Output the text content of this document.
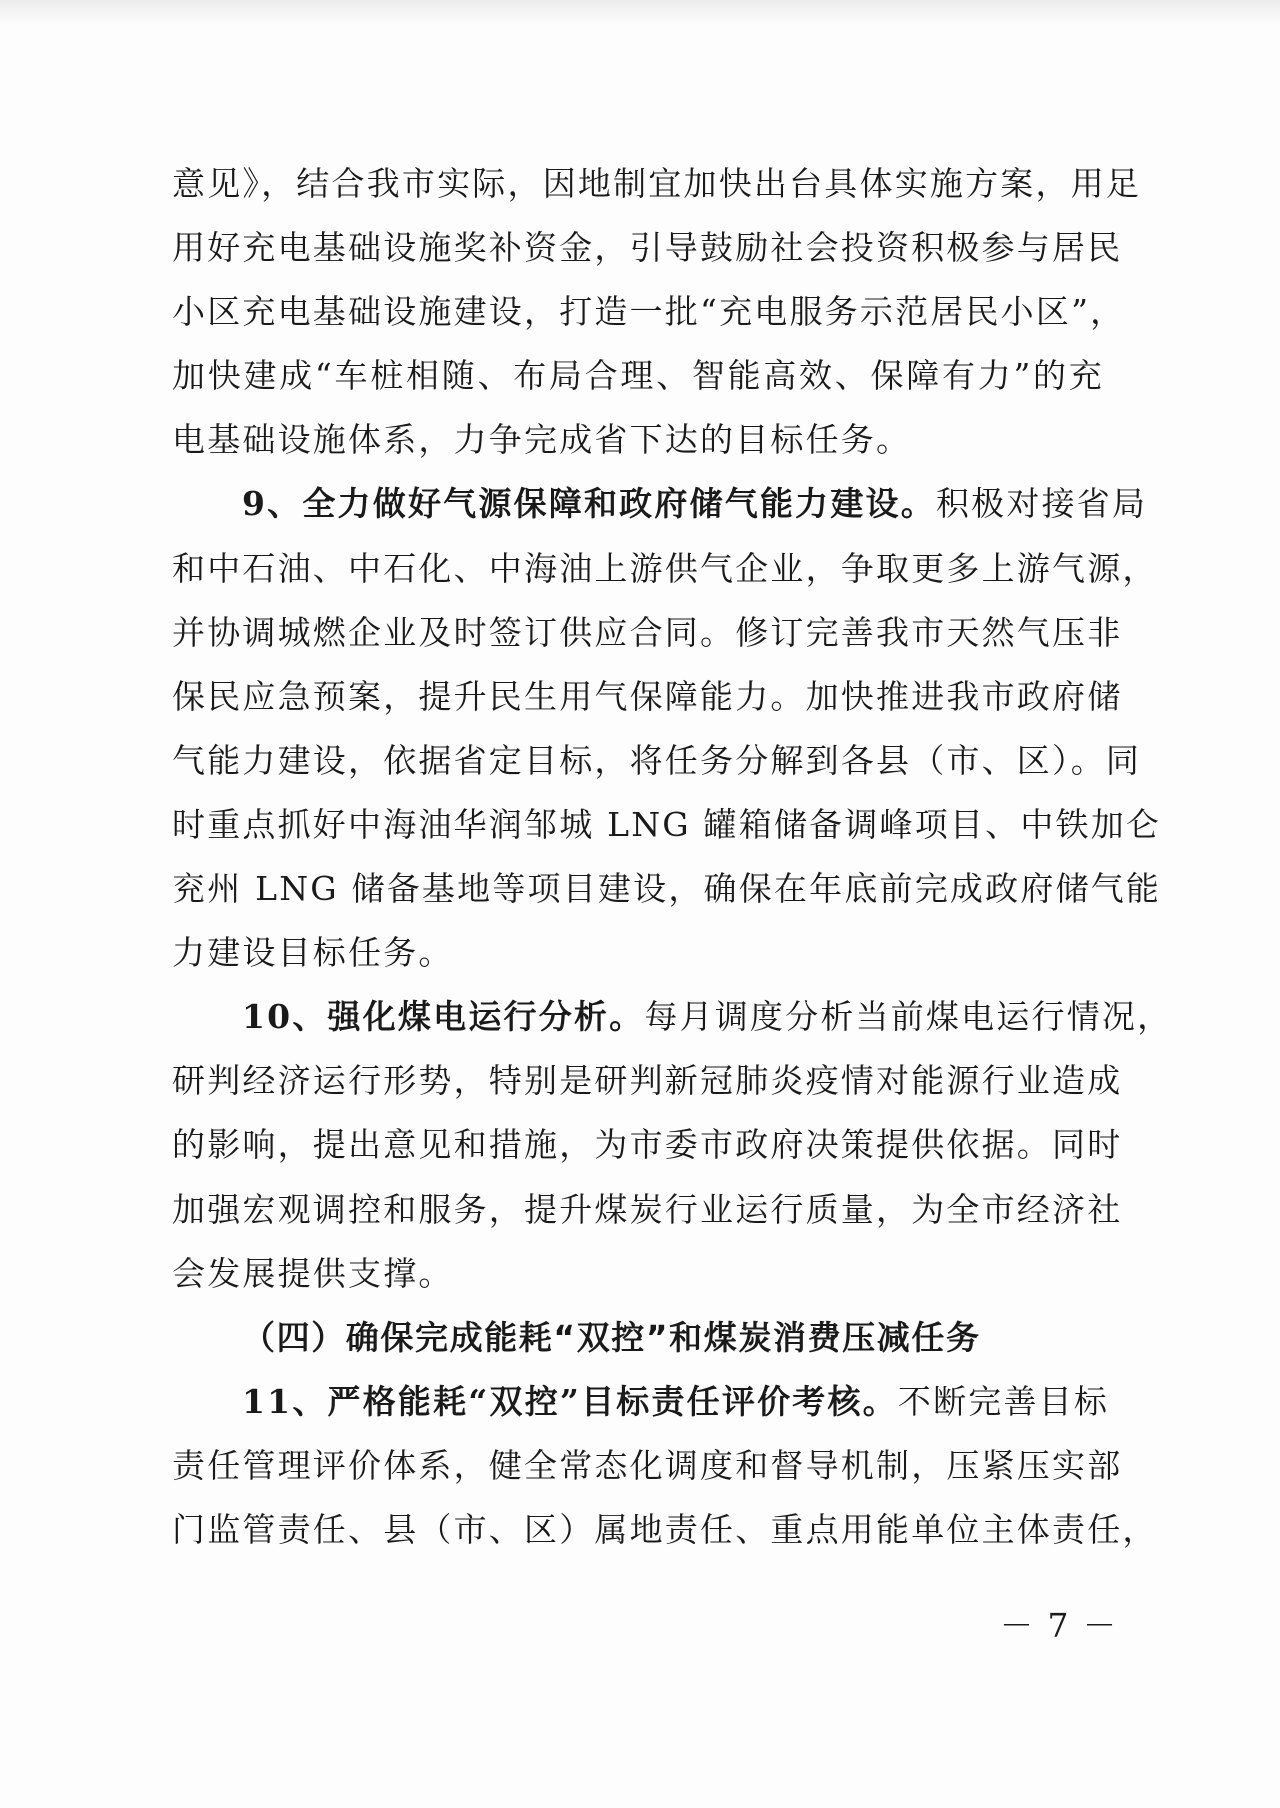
意见》，结合我市实际，因地制宜加快出台具体实施方案，用足
用好充电基础设施奖补资金，引导鼓励社会投资积极参与居民
小区充电基础设施建设，打造一批“充电服务示范居民小区”，
加快建成“车桩相随、布局合理、智能高效、保障有力”的充
电基础设施体系，力争完成省下达的目标任务。
9、全力做好气源保障和政府储气能力建设。积极对接省局
和中石油、中石化、中海油上游供气企业，争取更多上游气源，
并协调城燃企业及时签订供应合同。修订完善我市天然气压非
保民应急预案，提升民生用气保障能力。加快推进我市政府储
气能力建设，依据省定目标，将任务分解到各县（市、区）。同
时重点抓好中海油华润邹城 LNG 罐箱储备调峰项目、中铁加仑
兖州 LNG 储备基地等项目建设，确保在年底前完成政府储气能
力建设目标任务。
10、强化煤电运行分析。每月调度分析当前煤电运行情况，
研判经济运行形势，特别是研判新冠肺炎疫情对能源行业造成
的影响，提出意见和措施，为市委市政府决策提供依据。同时
加强宏观调控和服务，提升煤炭行业运行质量，为全市经济社
会发展提供支撑。
（四）确保完成能耗“双控”和煤炭消费压减任务
11、严格能耗“双控”目标责任评价考核。不断完善目标
责任管理评价体系，健全常态化调度和督导机制，压紧压实部
门监管责任、县（市、区）属地责任、重点用能单位主体责任，
－ 7 －
